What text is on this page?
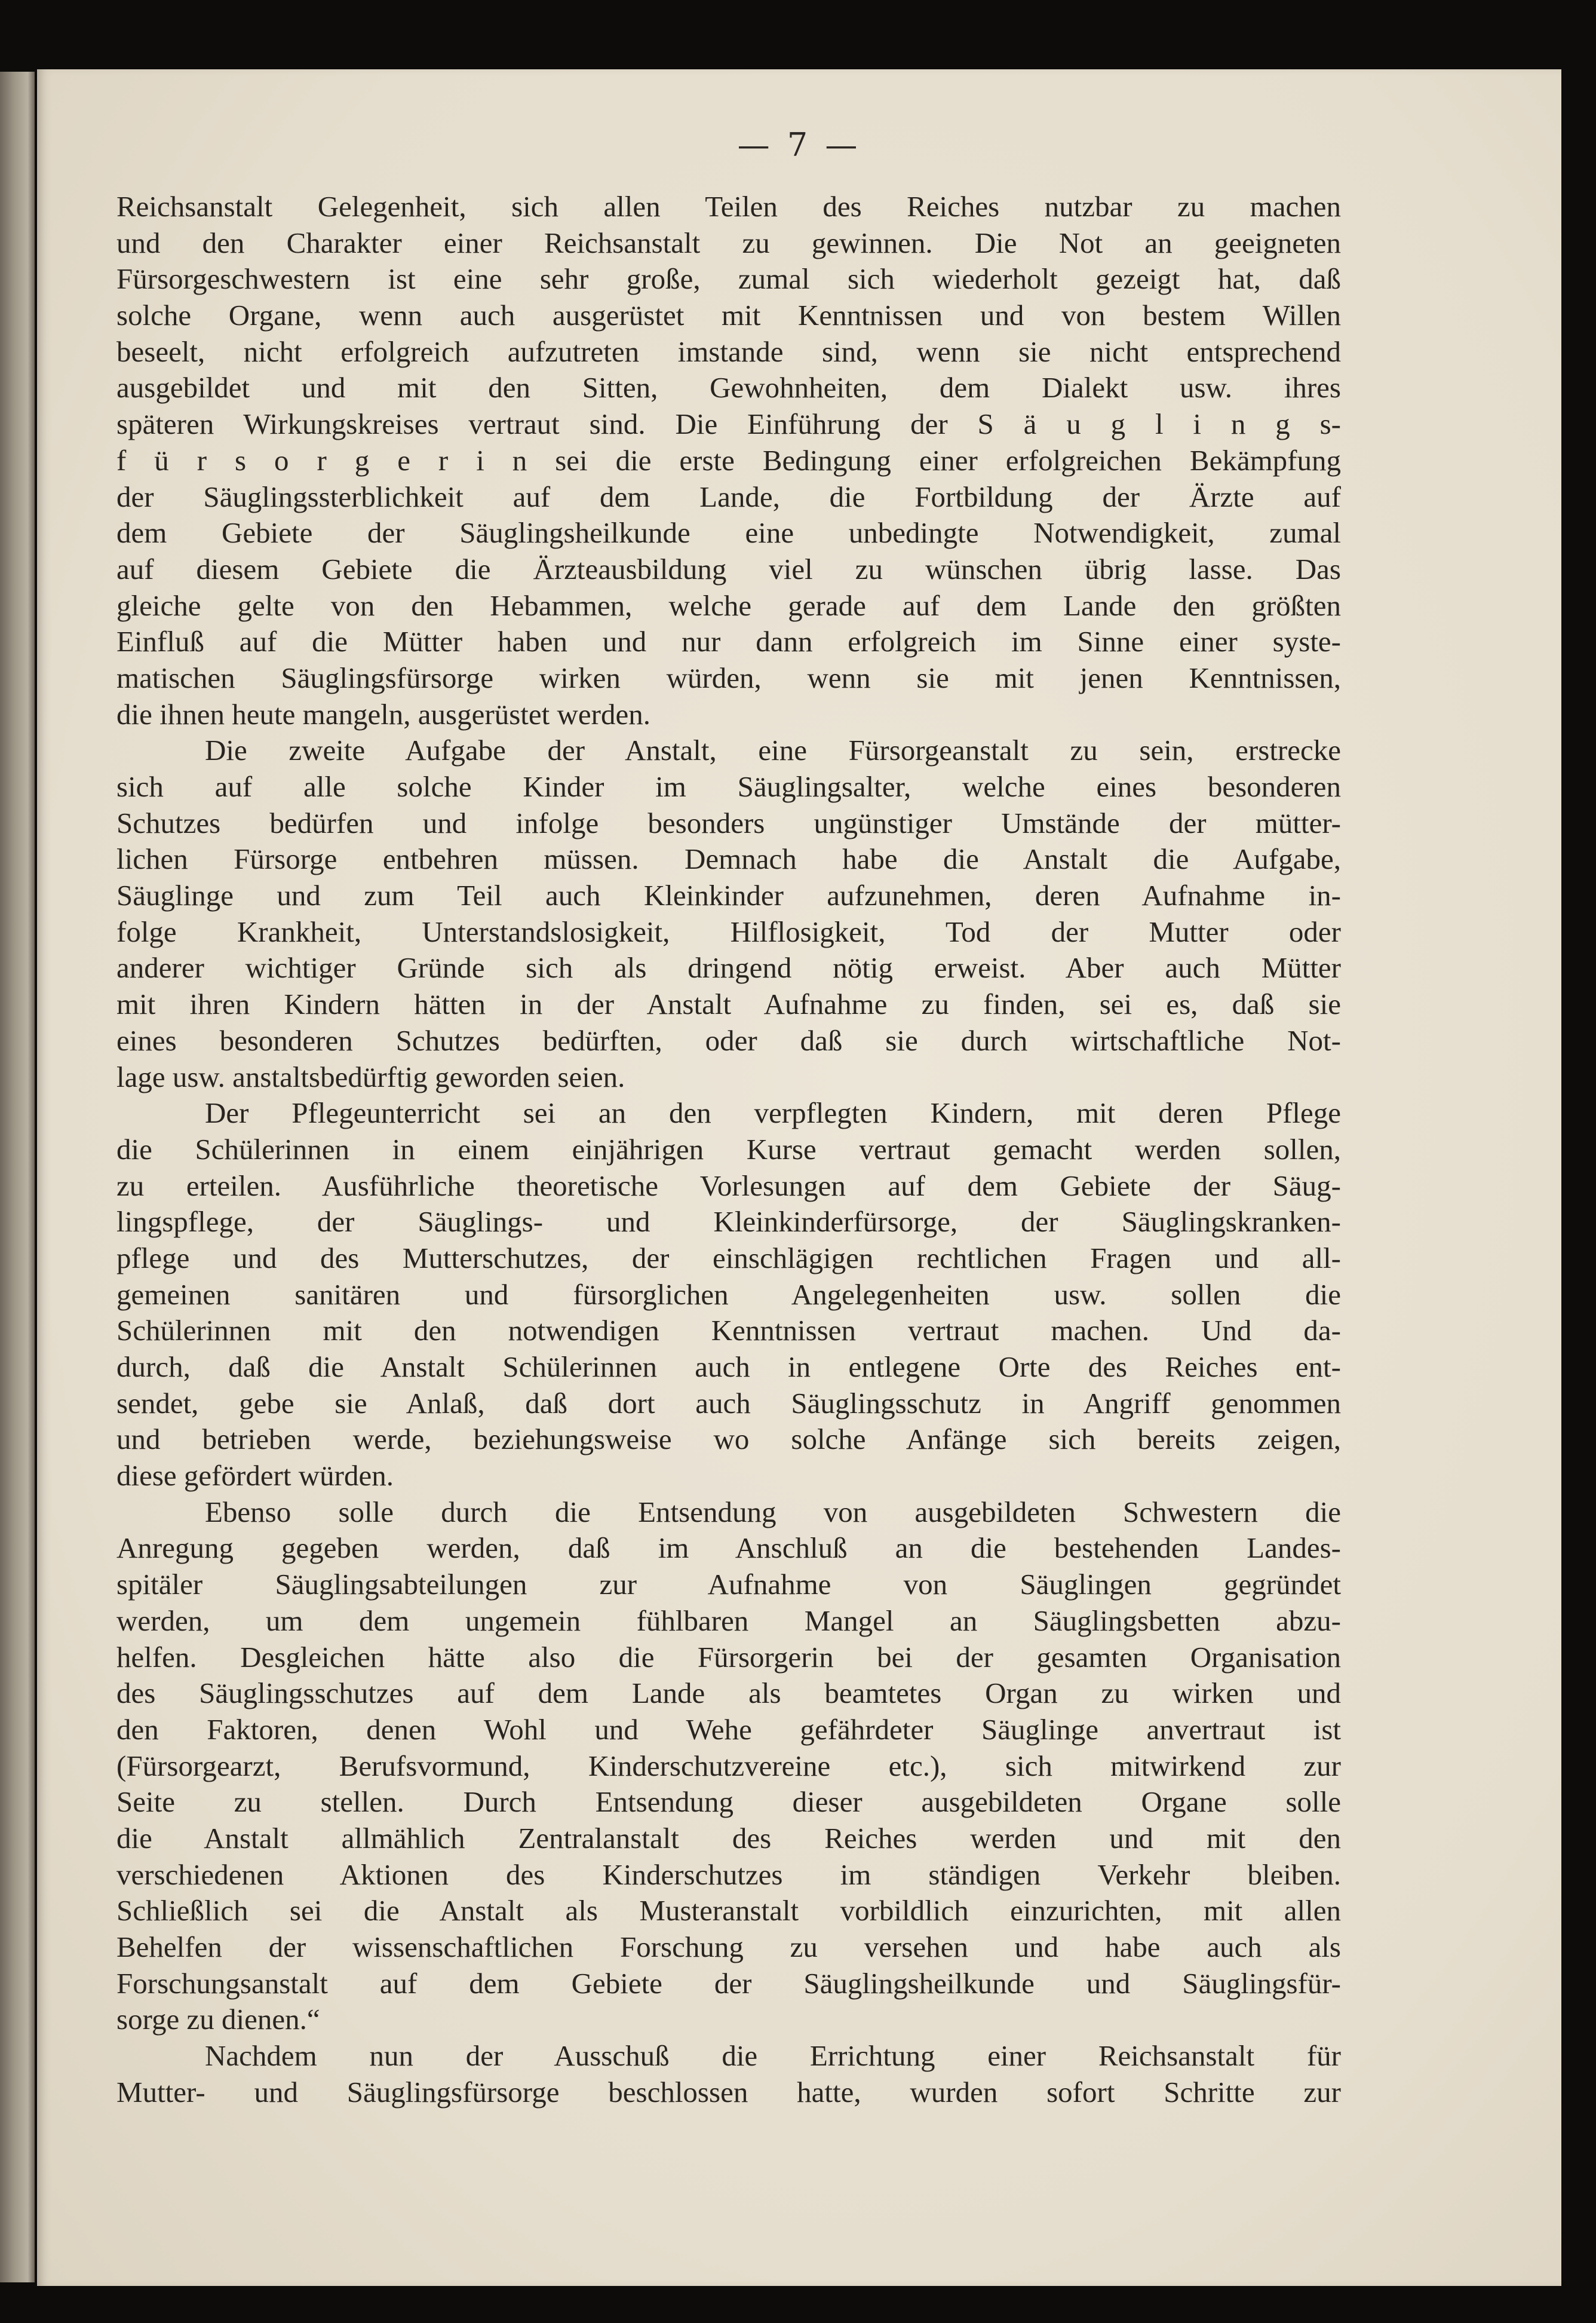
— 7 —
Reichsanstalt Gelegenheit, sich allen Teilen des Reiches nutzbar zu machen
und den Charakter einer Reichsanstalt zu gewinnen. Die Not an geeigneten
Fürsorgeschwestern ist eine sehr große, zumal sich wiederholt gezeigt hat, daß
solche Organe, wenn auch ausgerüstet mit Kenntnissen und von bestem Willen
beseelt, nicht erfolgreich aufzutreten imstande sind, wenn sie nicht entsprechend
ausgebildet und mit den Sitten, Gewohnheiten, dem Dialekt usw. ihres
späteren Wirkungskreises vertraut sind. Die Einführung der S ä u g l i n g s-
f ü r s o r g e r i n sei die erste Bedingung einer erfolgreichen Bekämpfung
der Säuglingssterblichkeit auf dem Lande, die Fortbildung der Ärzte auf
dem Gebiete der Säuglingsheilkunde eine unbedingte Notwendigkeit, zumal
auf diesem Gebiete die Ärzteausbildung viel zu wünschen übrig lasse. Das
gleiche gelte von den Hebammen, welche gerade auf dem Lande den größten
Einfluß auf die Mütter haben und nur dann erfolgreich im Sinne einer syste-
matischen Säuglingsfürsorge wirken würden, wenn sie mit jenen Kenntnissen,
die ihnen heute mangeln, ausgerüstet werden.
Die zweite Aufgabe der Anstalt, eine Fürsorgeanstalt zu sein, erstrecke
sich auf alle solche Kinder im Säuglingsalter, welche eines besonderen
Schutzes bedürfen und infolge besonders ungünstiger Umstände der mütter-
lichen Fürsorge entbehren müssen. Demnach habe die Anstalt die Aufgabe,
Säuglinge und zum Teil auch Kleinkinder aufzunehmen, deren Aufnahme in-
folge Krankheit, Unterstandslosigkeit, Hilflosigkeit, Tod der Mutter oder
anderer wichtiger Gründe sich als dringend nötig erweist. Aber auch Mütter
mit ihren Kindern hätten in der Anstalt Aufnahme zu finden, sei es, daß sie
eines besonderen Schutzes bedürften, oder daß sie durch wirtschaftliche Not-
lage usw. anstaltsbedürftig geworden seien.
Der Pflegeunterricht sei an den verpflegten Kindern, mit deren Pflege
die Schülerinnen in einem einjährigen Kurse vertraut gemacht werden sollen,
zu erteilen. Ausführliche theoretische Vorlesungen auf dem Gebiete der Säug-
lingspflege, der Säuglings- und Kleinkinderfürsorge, der Säuglingskranken-
pflege und des Mutterschutzes, der einschlägigen rechtlichen Fragen und all-
gemeinen sanitären und fürsorglichen Angelegenheiten usw. sollen die
Schülerinnen mit den notwendigen Kenntnissen vertraut machen. Und da-
durch, daß die Anstalt Schülerinnen auch in entlegene Orte des Reiches ent-
sendet, gebe sie Anlaß, daß dort auch Säuglingsschutz in Angriff genommen
und betrieben werde, beziehungsweise wo solche Anfänge sich bereits zeigen,
diese gefördert würden.
Ebenso solle durch die Entsendung von ausgebildeten Schwestern die
Anregung gegeben werden, daß im Anschluß an die bestehenden Landes-
spitäler Säuglingsabteilungen zur Aufnahme von Säuglingen gegründet
werden, um dem ungemein fühlbaren Mangel an Säuglingsbetten abzu-
helfen. Desgleichen hätte also die Fürsorgerin bei der gesamten Organisation
des Säuglingsschutzes auf dem Lande als beamtetes Organ zu wirken und
den Faktoren, denen Wohl und Wehe gefährdeter Säuglinge anvertraut ist
(Fürsorgearzt, Berufsvormund, Kinderschutzvereine etc.), sich mitwirkend zur
Seite zu stellen. Durch Entsendung dieser ausgebildeten Organe solle
die Anstalt allmählich Zentralanstalt des Reiches werden und mit den
verschiedenen Aktionen des Kinderschutzes im ständigen Verkehr bleiben.
Schließlich sei die Anstalt als Musteranstalt vorbildlich einzurichten, mit allen
Behelfen der wissenschaftlichen Forschung zu versehen und habe auch als
Forschungsanstalt auf dem Gebiete der Säuglingsheilkunde und Säuglingsfür-
sorge zu dienen.“
Nachdem nun der Ausschuß die Errichtung einer Reichsanstalt für
Mutter- und Säuglingsfürsorge beschlossen hatte, wurden sofort Schritte zur
